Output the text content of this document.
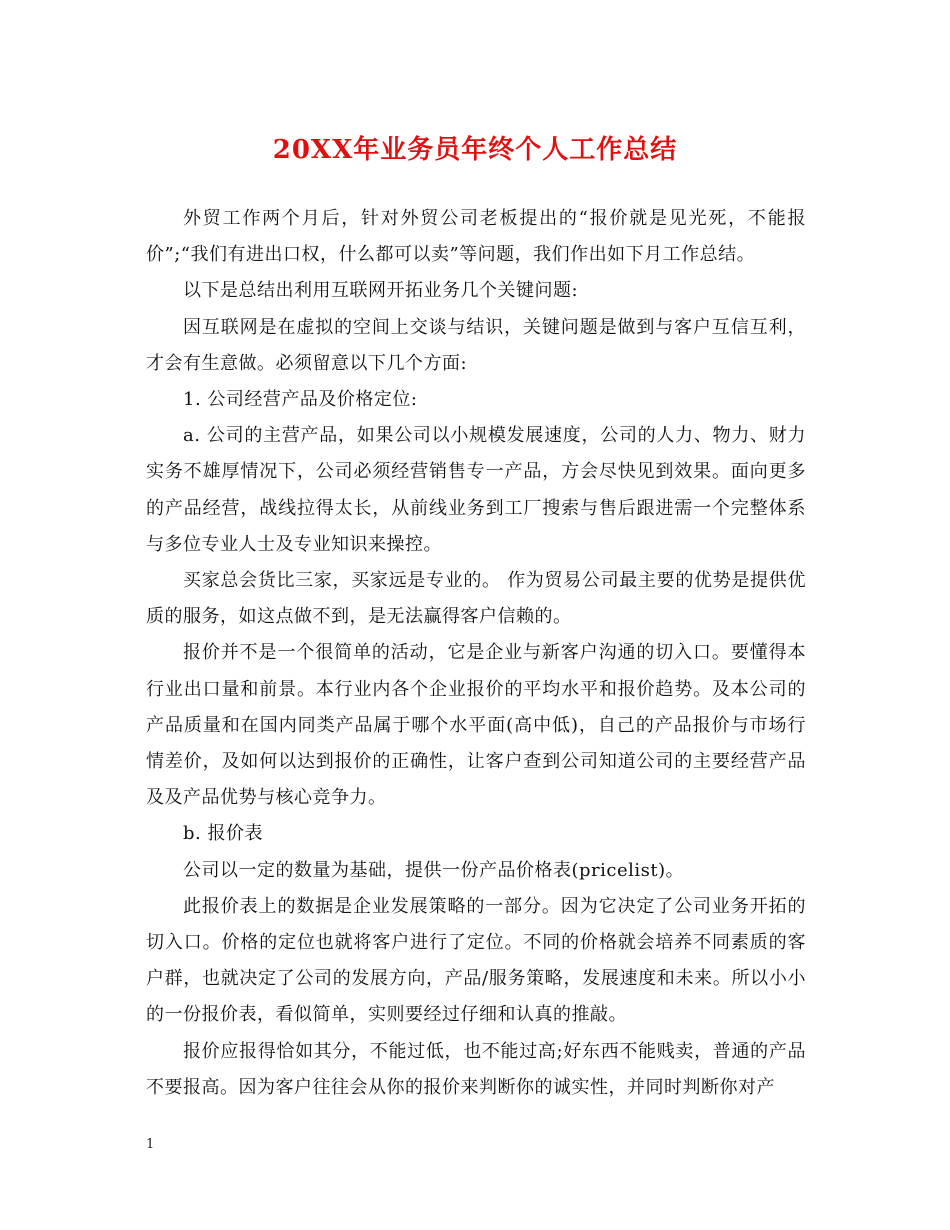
20XX年业务员年终个人工作总结

外贸工作两个月后，针对外贸公司老板提出的“报价就是见光死，不能报价”;“我们有进出口权，什么都可以卖”等问题，我们作出如下月工作总结。

以下是总结出利用互联网开拓业务几个关键问题:

因互联网是在虚拟的空间上交谈与结识，关键问题是做到与客户互信互利，才会有生意做。必须留意以下几个方面:

1. 公司经营产品及价格定位:

a. 公司的主营产品，如果公司以小规模发展速度，公司的人力、物力、财力实务不雄厚情况下，公司必须经营销售专一产品，方会尽快见到效果。面向更多的产品经营，战线拉得太长，从前线业务到工厂搜索与售后跟进需一个完整体系与多位专业人士及专业知识来操控。

买家总会货比三家，买家远是专业的。 作为贸易公司最主要的优势是提供优质的服务，如这点做不到，是无法赢得客户信赖的。

报价并不是一个很简单的活动，它是企业与新客户沟通的切入口。要懂得本行业出口量和前景。本行业内各个企业报价的平均水平和报价趋势。及本公司的产品质量和在国内同类产品属于哪个水平面(高中低)，自己的产品报价与市场行情差价，及如何以达到报价的正确性，让客户查到公司知道公司的主要经营产品及及产品优势与核心竞争力。

b. 报价表

公司以一定的数量为基础，提供一份产品价格表(pricelist)。

此报价表上的数据是企业发展策略的一部分。因为它决定了公司业务开拓的切入口。价格的定位也就将客户进行了定位。不同的价格就会培养不同素质的客户群，也就决定了公司的发展方向，产品/服务策略，发展速度和未来。所以小小的一份报价表，看似简单，实则要经过仔细和认真的推敲。

报价应报得恰如其分，不能过低，也不能过高;好东西不能贱卖，普通的产品不要报高。因为客户往往会从你的报价来判断你的诚实性，并同时判断你对产

1
